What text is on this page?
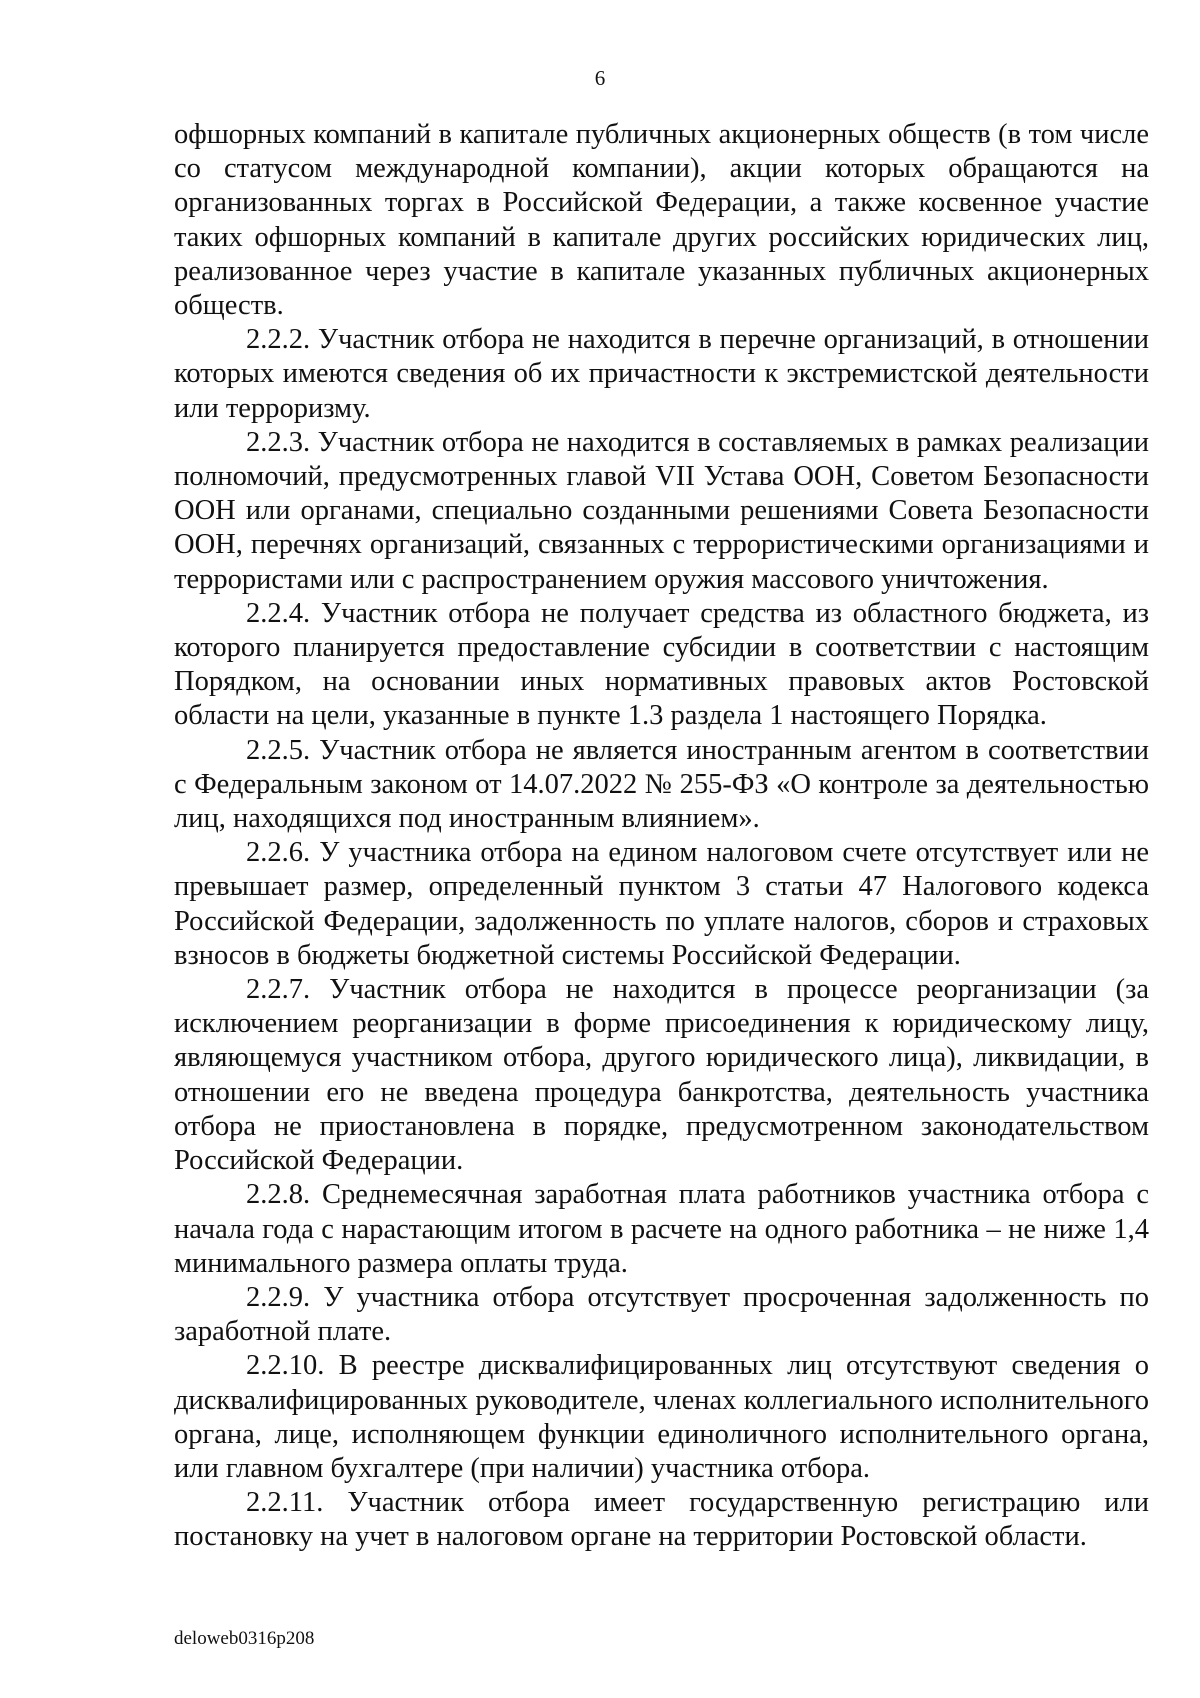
6

офшорных компаний в капитале публичных акционерных обществ (в том числе со статусом международной компании), акции которых обращаются на организованных торгах в Российской Федерации, а также косвенное участие таких офшорных компаний в капитале других российских юридических лиц, реализованное через участие в капитале указанных публичных акционерных обществ.

2.2.2. Участник отбора не находится в перечне организаций, в отношении которых имеются сведения об их причастности к экстремистской деятельности или терроризму.

2.2.3. Участник отбора не находится в составляемых в рамках реализации полномочий, предусмотренных главой VII Устава ООН, Советом Безопасности ООН или органами, специально созданными решениями Совета Безопасности ООН, перечнях организаций, связанных с террористическими организациями и террористами или с распространением оружия массового уничтожения.

2.2.4. Участник отбора не получает средства из областного бюджета, из которого планируется предоставление субсидии в соответствии с настоящим Порядком, на основании иных нормативных правовых актов Ростовской области на цели, указанные в пункте 1.3 раздела 1 настоящего Порядка.

2.2.5. Участник отбора не является иностранным агентом в соответствии с Федеральным законом от 14.07.2022 № 255-ФЗ «О контроле за деятельностью лиц, находящихся под иностранным влиянием».

2.2.6. У участника отбора на едином налоговом счете отсутствует или не превышает размер, определенный пунктом 3 статьи 47 Налогового кодекса Российской Федерации, задолженность по уплате налогов, сборов и страховых взносов в бюджеты бюджетной системы Российской Федерации.

2.2.7. Участник отбора не находится в процессе реорганизации (за исключением реорганизации в форме присоединения к юридическому лицу, являющемуся участником отбора, другого юридического лица), ликвидации, в отношении его не введена процедура банкротства, деятельность участника отбора не приостановлена в порядке, предусмотренном законодательством Российской Федерации.

2.2.8. Среднемесячная заработная плата работников участника отбора с начала года с нарастающим итогом в расчете на одного работника – не ниже 1,4 минимального размера оплаты труда.

2.2.9. У участника отбора отсутствует просроченная задолженность по заработной плате.

2.2.10. В реестре дисквалифицированных лиц отсутствуют сведения о дисквалифицированных руководителе, членах коллегиального исполнительного органа, лице, исполняющем функции единоличного исполнительного органа, или главном бухгалтере (при наличии) участника отбора.

2.2.11. Участник отбора имеет государственную регистрацию или постановку на учет в налоговом органе на территории Ростовской области.

deloweb0316p208
